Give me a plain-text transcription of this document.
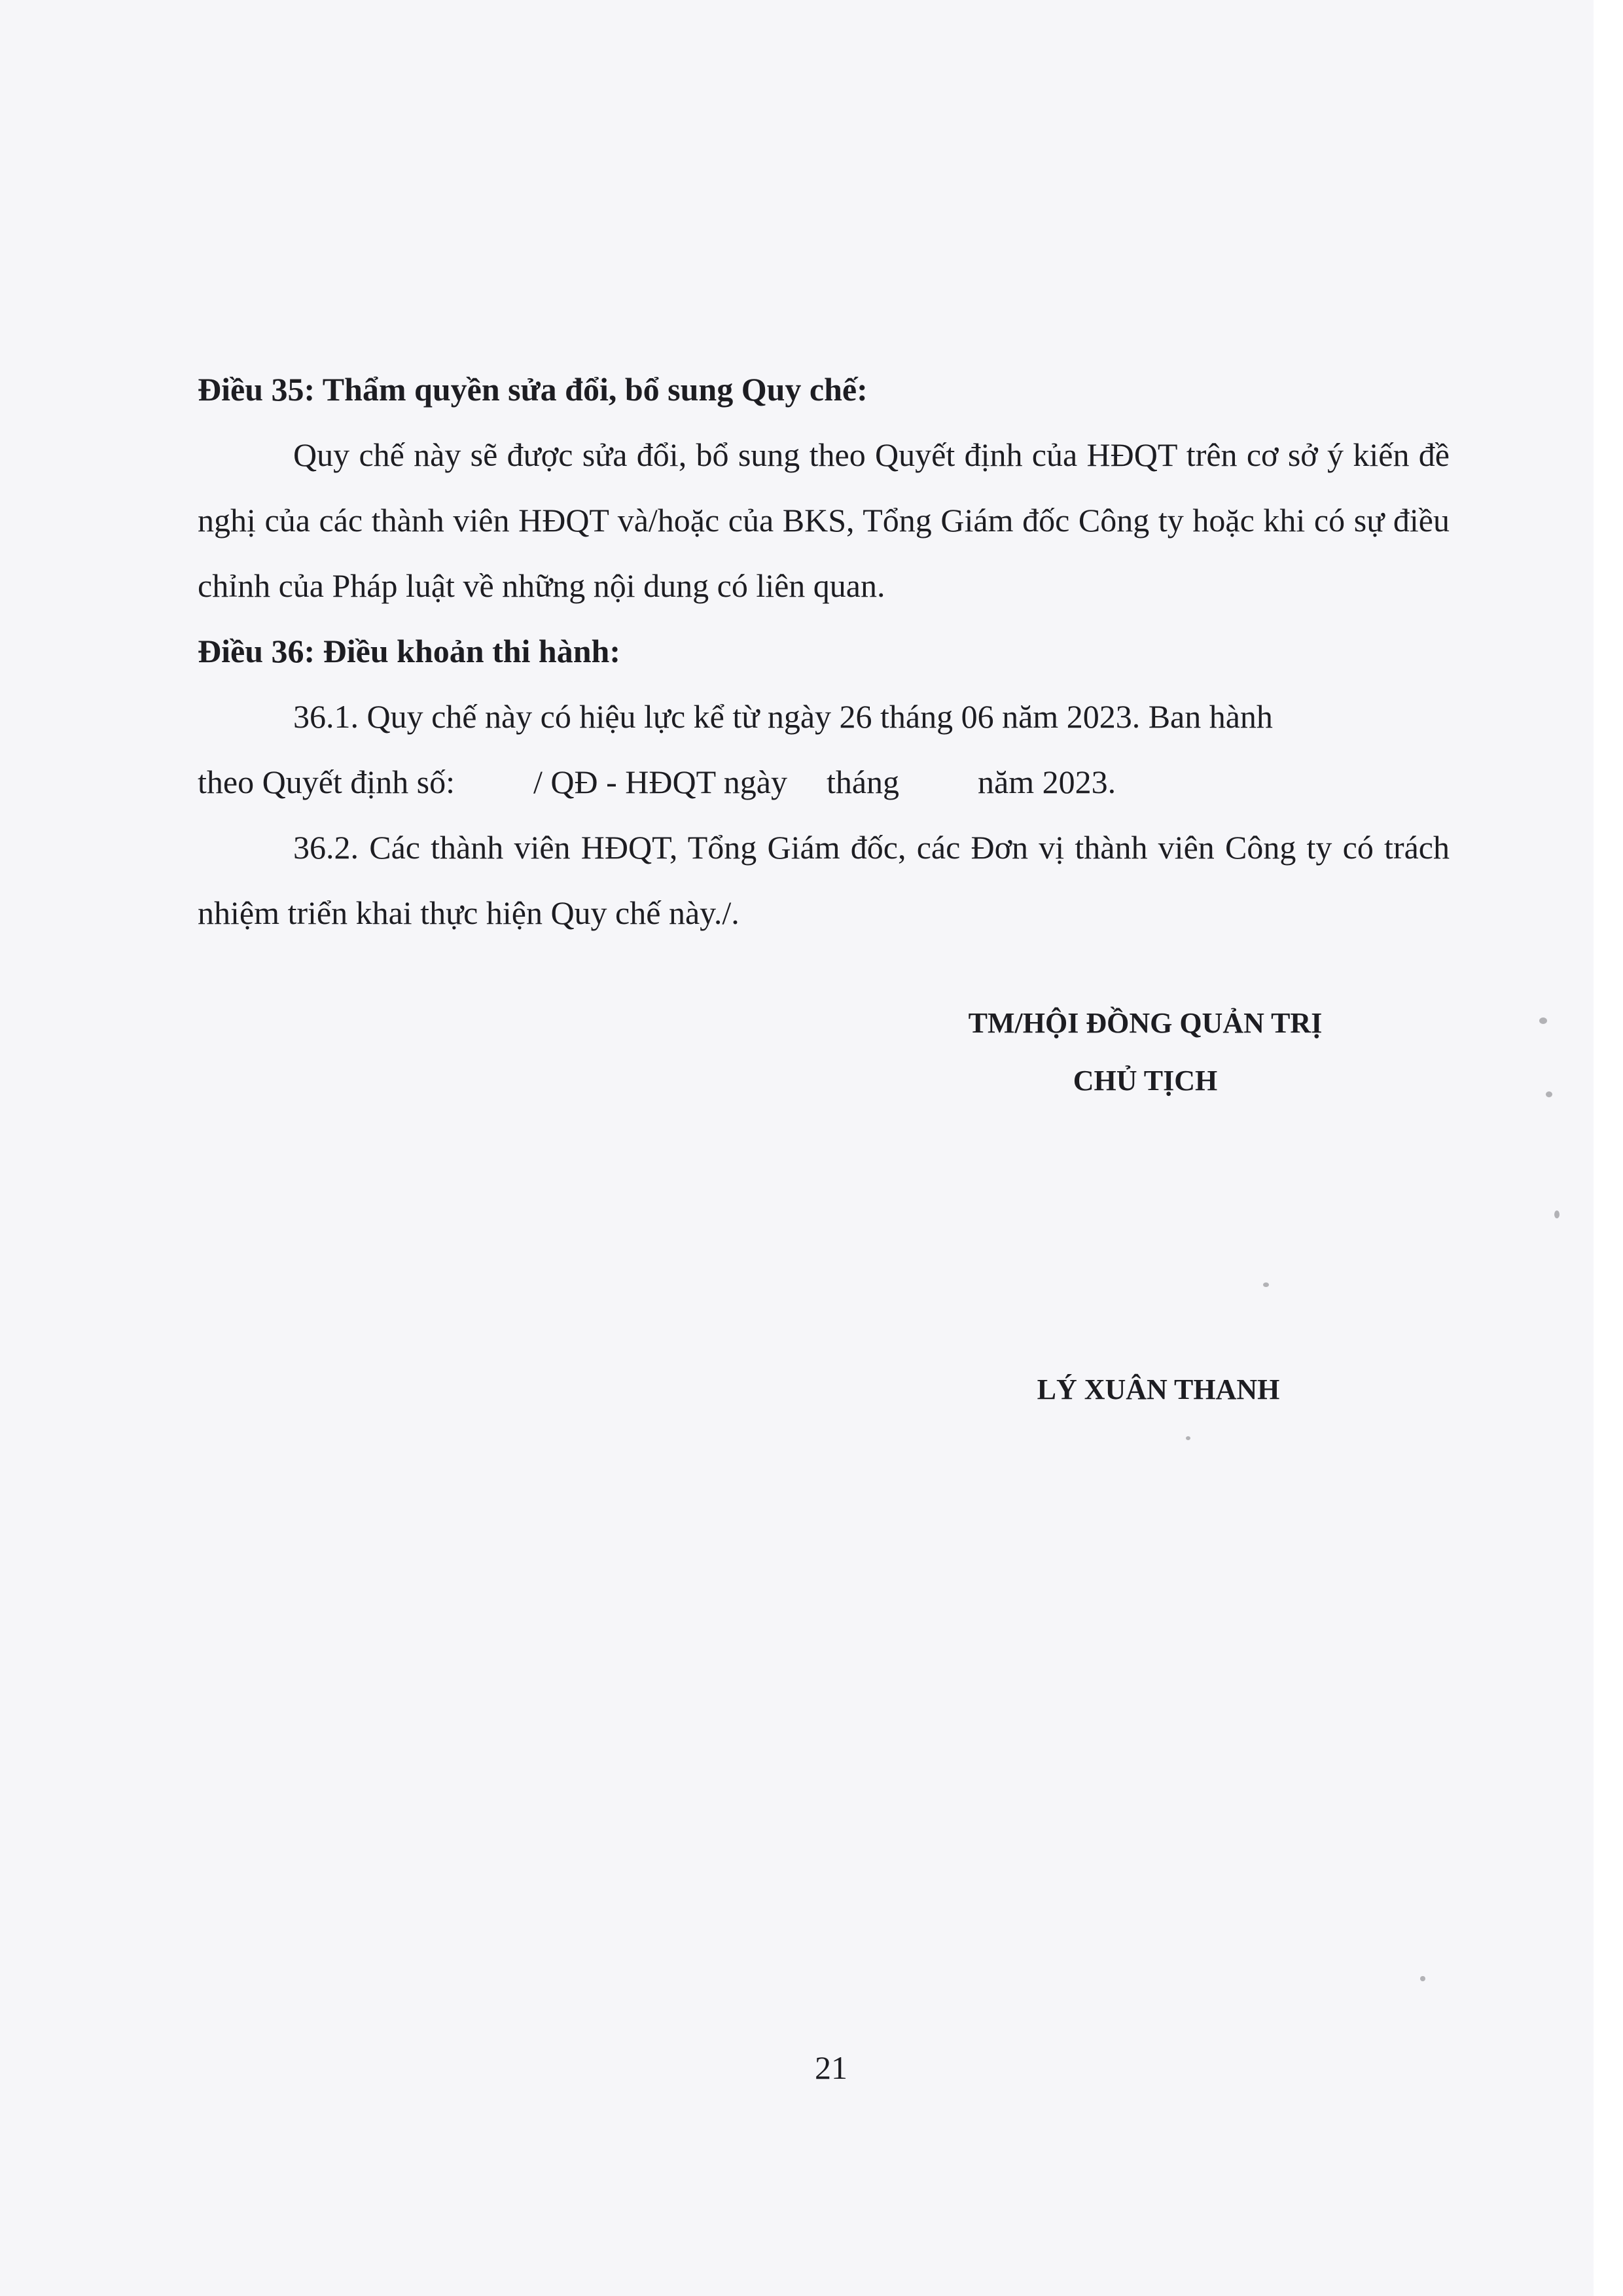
Điều 35: Thẩm quyền sửa đổi, bổ sung Quy chế:

Quy chế này sẽ được sửa đổi, bổ sung theo Quyết định của HĐQT trên cơ sở ý kiến đề nghị của các thành viên HĐQT và/hoặc của BKS, Tổng Giám đốc Công ty hoặc khi có sự điều chỉnh của Pháp luật về những nội dung có liên quan.

Điều 36: Điều khoản thi hành:

36.1. Quy chế này có hiệu lực kể từ ngày 26 tháng 06 năm 2023. Ban hành
theo Quyết định số: / QĐ - HĐQT ngày tháng năm 2023.

36.2. Các thành viên HĐQT, Tổng Giám đốc, các Đơn vị thành viên Công ty có trách nhiệm triển khai thực hiện Quy chế này./.

TM/HỘI ĐỒNG QUẢN TRỊ
CHỦ TỊCH
LÝ XUÂN THANH
21
